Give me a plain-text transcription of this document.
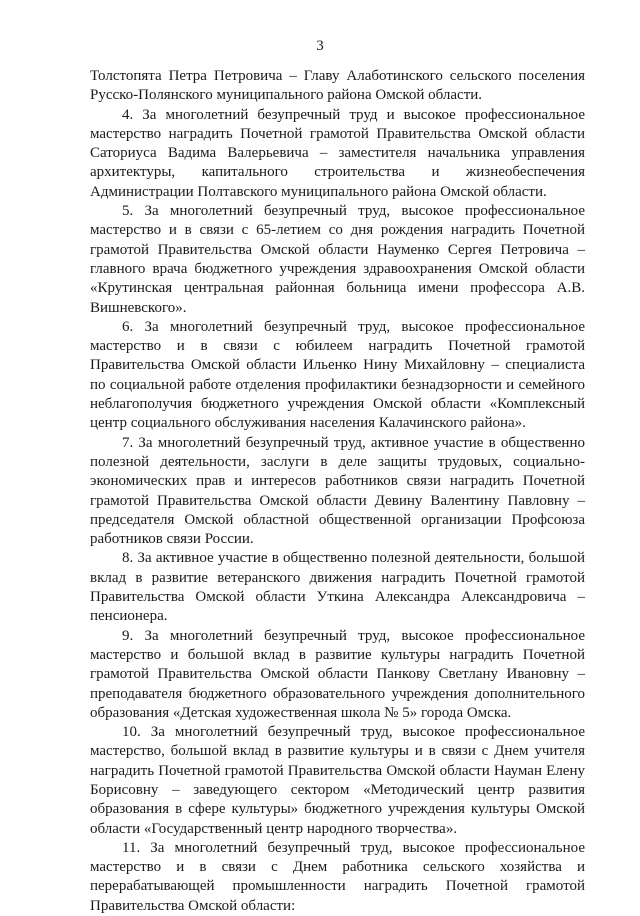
3

Толстопята Петра Петровича – Главу Алаботинского сельского поселения Русско-Полянского муниципального района Омской области.

4. За многолетний безупречный труд и высокое профессиональное мастерство наградить Почетной грамотой Правительства Омской области Саториуса Вадима Валерьевича – заместителя начальника управления архитектуры, капитального строительства и жизнеобеспечения Администрации Полтавского муниципального района Омской области.

5. За многолетний безупречный труд, высокое профессиональное мастерство и в связи с 65-летием со дня рождения наградить Почетной грамотой Правительства Омской области Науменко Сергея Петровича – главного врача бюджетного учреждения здравоохранения Омской области «Крутинская центральная районная больница имени профессора А.В. Вишневского».

6. За многолетний безупречный труд, высокое профессиональное мастерство и в связи с юбилеем наградить Почетной грамотой Правительства Омской области Ильенко Нину Михайловну – специалиста по социальной работе отделения профилактики безнадзорности и семейного неблагополучия бюджетного учреждения Омской области «Комплексный центр социального обслуживания населения Калачинского района».

7. За многолетний безупречный труд, активное участие в общественно полезной деятельности, заслуги в деле защиты трудовых, социально-экономических прав и интересов работников связи наградить Почетной грамотой Правительства Омской области Девину Валентину Павловну – председателя Омской областной общественной организации Профсоюза работников связи России.

8. За активное участие в общественно полезной деятельности, большой вклад в развитие ветеранского движения наградить Почетной грамотой Правительства Омской области Уткина Александра Александровича – пенсионера.

9. За многолетний безупречный труд, высокое профессиональное мастерство и большой вклад в развитие культуры наградить Почетной грамотой Правительства Омской области Панкову Светлану Ивановну – преподавателя бюджетного образовательного учреждения дополнительного образования «Детская художественная школа № 5» города Омска.

10. За многолетний безупречный труд, высокое профессиональное мастерство, большой вклад в развитие культуры и в связи с Днем учителя наградить Почетной грамотой Правительства Омской области Науман Елену Борисовну – заведующего сектором «Методический центр развития образования в сфере культуры» бюджетного учреждения культуры Омской области «Государственный центр народного творчества».

11. За многолетний безупречный труд, высокое профессиональное мастерство и в связи с Днем работника сельского хозяйства и перерабатывающей промышленности наградить Почетной грамотой Правительства Омской области:
